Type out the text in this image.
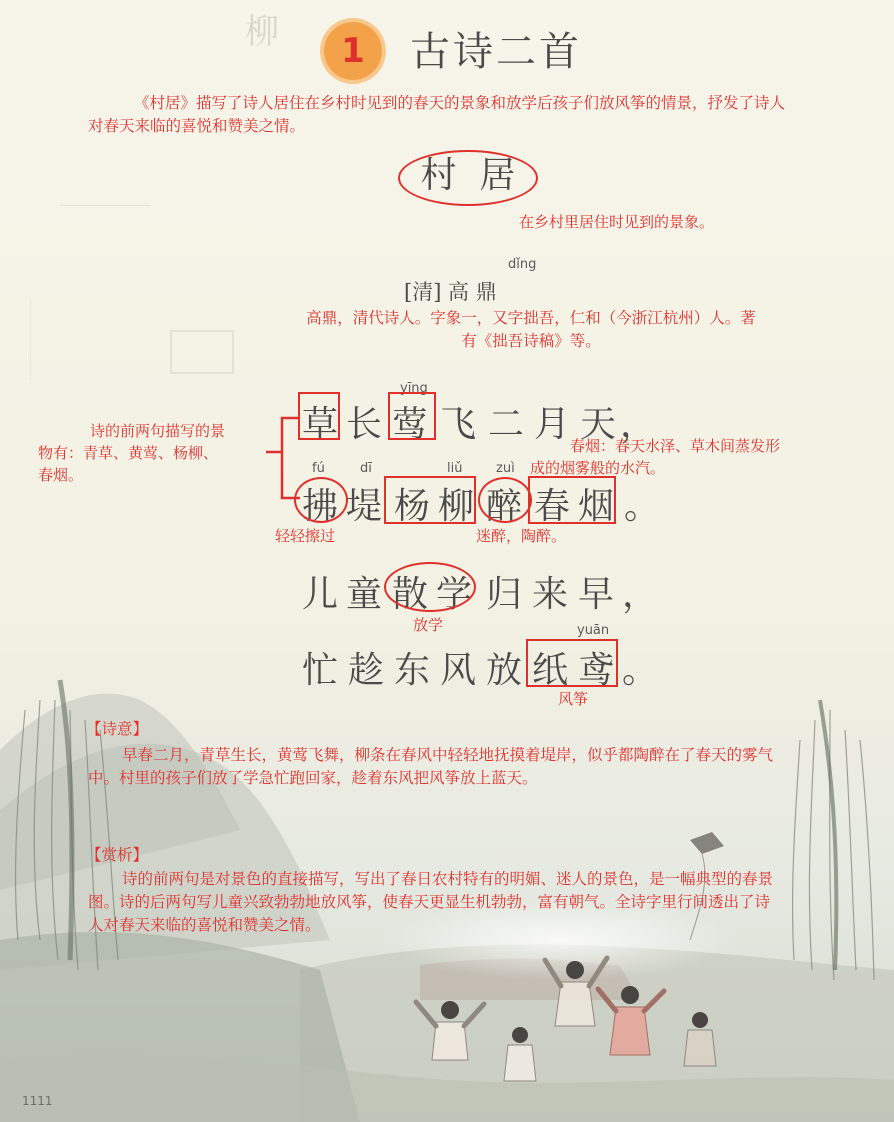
柳	1	古诗二首
《村居》描写了诗人居住在乡村时见到的春天的景象和放学后孩子们放风筝的情景，抒发了诗人对春天来临的喜悦和赞美之情。
村  居
在乡村里居住时见到的景象。
dǐng
[清] 高 鼎
高鼎，清代诗人。字象一，又字拙吾，仁和（今浙江杭州）人。著有《拙吾诗稿》等。
诗的前两句描写的景
物有：青草、黄莺、杨柳、
春烟。
春烟：春天水泽、草木间蒸发形
成的烟雾般的水汽。
yīng
草 长 莺 飞 二 月 天 ，
fú	dī	liǔ	zuì
拂 堤 杨 柳 醉 春 烟 。
轻轻擦过	迷醉，陶醉。
儿 童 散 学 归 来 早 ，
放学	yuān
忙 趁 东 风 放 纸 鸢 。
风筝
【诗意】
早春二月，青草生长，黄莺飞舞，柳条在春风中轻轻地抚摸着堤岸，似乎都陶醉在了春天的雾气中。村里的孩子们放了学急忙跑回家，趁着东风把风筝放上蓝天。
【赏析】
诗的前两句是对景色的直接描写，写出了春日农村特有的明媚、迷人的景色，是一幅典型的春景图。诗的后两句写儿童兴致勃勃地放风筝，使春天更显生机勃勃，富有朝气。全诗字里行间透出了诗人对春天来临的喜悦和赞美之情。
1111
